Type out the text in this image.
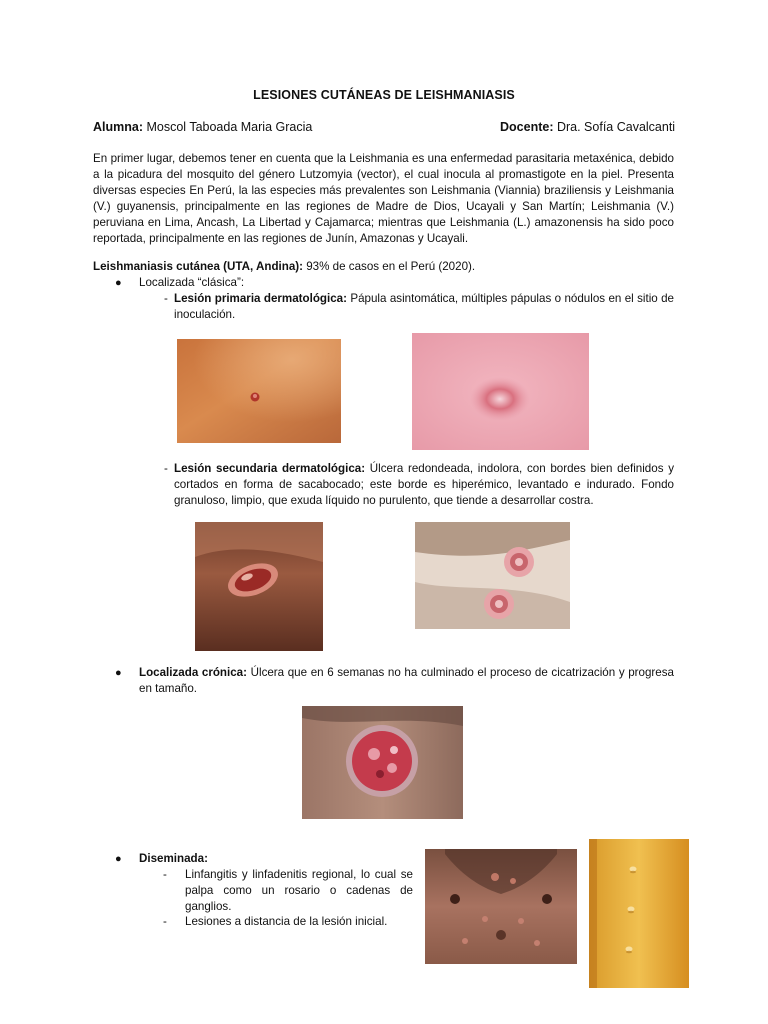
LESIONES CUTÁNEAS DE LEISHMANIASIS
Alumna: Moscol Taboada Maria Gracia	Docente: Dra. Sofía Cavalcanti

En primer lugar, debemos tener en cuenta que la Leishmania es una enfermedad parasitaria metaxénica, debido a la picadura del mosquito del género Lutzomyia (vector), el cual inocula al promastigote en la piel. Presenta diversas especies En Perú, la las especies más prevalentes son Leishmania (Viannia) braziliensis y Leishmania (V.) guyanensis, principalmente en las regiones de Madre de Dios, Ucayali y San Martín; Leishmania (V.) peruviana en Lima, Ancash, La Libertad y Cajamarca; mientras que Leishmania (L.) amazonensis ha sido poco reportada, principalmente en las regiones de Junín, Amazonas y Ucayali.

Leishmaniasis cutánea (UTA, Andina): 93% de casos en el Perú (2020).
● Localizada “clásica”:
- Lesión primaria dermatológica: Pápula asintomática, múltiples pápulas o nódulos en el sitio de inoculación.

- Lesión secundaria dermatológica: Úlcera redondeada, indolora, con bordes bien definidos y cortados en forma de sacabocado; este borde es hiperémico, levantado e indurado. Fondo granuloso, limpio, que exuda líquido no purulento, que tiende a desarrollar costra.

● Localizada crónica: Úlcera que en 6 semanas no ha culminado el proceso de cicatrización y progresa en tamaño.

● Diseminada:
- Linfangitis y linfadenitis regional, lo cual se palpa como un rosario o cadenas de ganglios.

- Lesiones a distancia de la lesión inicial.
